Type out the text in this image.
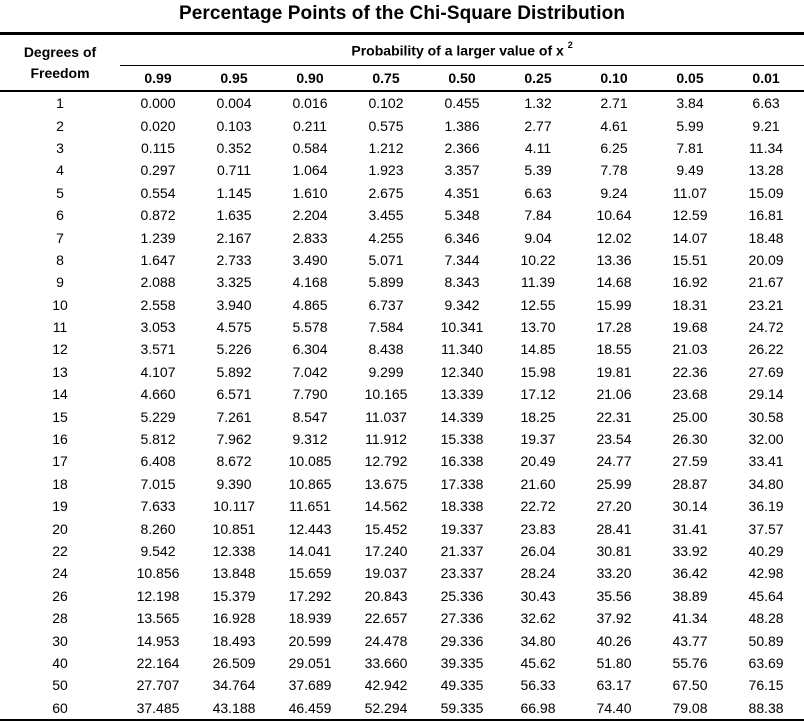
Percentage Points of the Chi-Square Distribution
Degrees of
Freedom	Probability of a larger value of x $^2$
	0.99	0.95	0.90	0.75	0.50	0.25	0.10	0.05	0.01
1	0.000	0.004	0.016	0.102	0.455	1.32	2.71	3.84	6.63
2	0.020	0.103	0.211	0.575	1.386	2.77	4.61	5.99	9.21
3	0.115	0.352	0.584	1.212	2.366	4.11	6.25	7.81	11.34
4	0.297	0.711	1.064	1.923	3.357	5.39	7.78	9.49	13.28
5	0.554	1.145	1.610	2.675	4.351	6.63	9.24	11.07	15.09
6	0.872	1.635	2.204	3.455	5.348	7.84	10.64	12.59	16.81
7	1.239	2.167	2.833	4.255	6.346	9.04	12.02	14.07	18.48
8	1.647	2.733	3.490	5.071	7.344	10.22	13.36	15.51	20.09
9	2.088	3.325	4.168	5.899	8.343	11.39	14.68	16.92	21.67
10	2.558	3.940	4.865	6.737	9.342	12.55	15.99	18.31	23.21
11	3.053	4.575	5.578	7.584	10.341	13.70	17.28	19.68	24.72
12	3.571	5.226	6.304	8.438	11.340	14.85	18.55	21.03	26.22
13	4.107	5.892	7.042	9.299	12.340	15.98	19.81	22.36	27.69
14	4.660	6.571	7.790	10.165	13.339	17.12	21.06	23.68	29.14
15	5.229	7.261	8.547	11.037	14.339	18.25	22.31	25.00	30.58
16	5.812	7.962	9.312	11.912	15.338	19.37	23.54	26.30	32.00
17	6.408	8.672	10.085	12.792	16.338	20.49	24.77	27.59	33.41
18	7.015	9.390	10.865	13.675	17.338	21.60	25.99	28.87	34.80
19	7.633	10.117	11.651	14.562	18.338	22.72	27.20	30.14	36.19
20	8.260	10.851	12.443	15.452	19.337	23.83	28.41	31.41	37.57
22	9.542	12.338	14.041	17.240	21.337	26.04	30.81	33.92	40.29
24	10.856	13.848	15.659	19.037	23.337	28.24	33.20	36.42	42.98
26	12.198	15.379	17.292	20.843	25.336	30.43	35.56	38.89	45.64
28	13.565	16.928	18.939	22.657	27.336	32.62	37.92	41.34	48.28
30	14.953	18.493	20.599	24.478	29.336	34.80	40.26	43.77	50.89
40	22.164	26.509	29.051	33.660	39.335	45.62	51.80	55.76	63.69
50	27.707	34.764	37.689	42.942	49.335	56.33	63.17	67.50	76.15
60	37.485	43.188	46.459	52.294	59.335	66.98	74.40	79.08	88.38
